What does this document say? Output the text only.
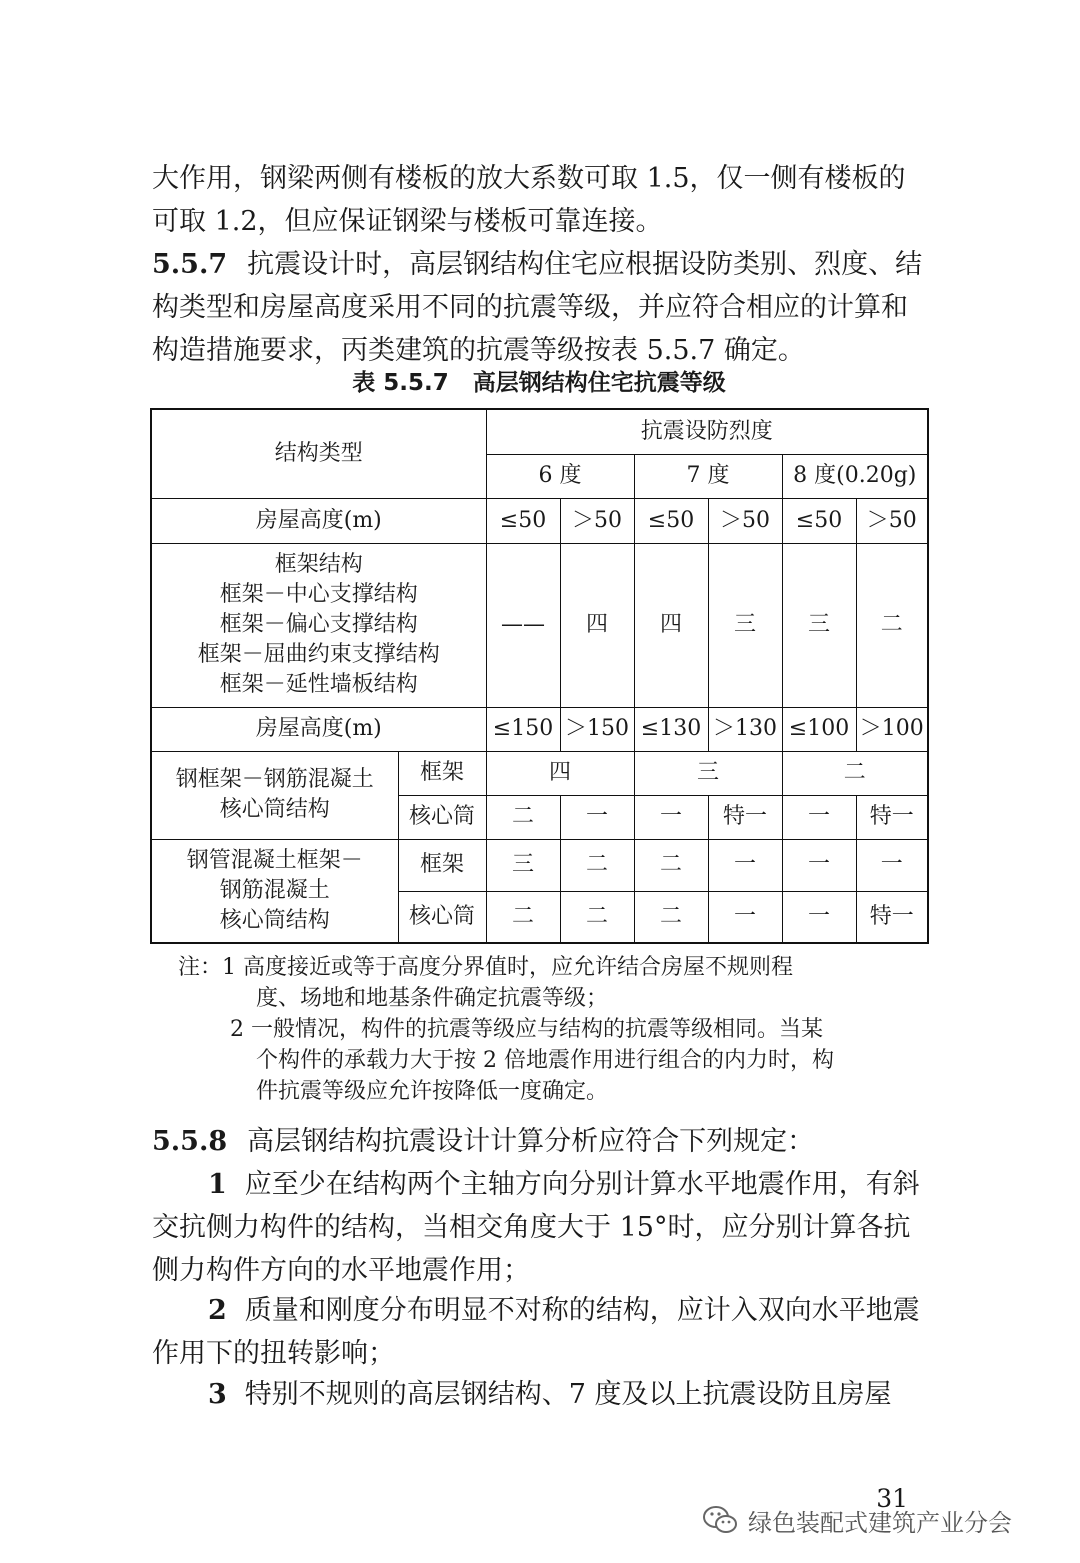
大作用，钢梁两侧有楼板的放大系数可取 1.5，仅一侧有楼板的可取 1.2，但应保证钢梁与楼板可靠连接。

5.5.7 抗震设计时，高层钢结构住宅应根据设防类别、烈度、结构类型和房屋高度采用不同的抗震等级，并应符合相应的计算和构造措施要求，丙类建筑的抗震等级按表 5.5.7 确定。

表 5.5.7 高层钢结构住宅抗震等级
结构类型		抗震设防烈度					
		6 度		7 度		8 度(0.20g)	
房屋高度(m)		≤50	＞50	≤50	＞50	≤50	＞50

框架结构
框架－中心支撑结构
框架－偏心支撑结构
框架－屈曲约束支撑结构
框架－延性墙板结构		——	四	四	三	三	二
房屋高度(m)		≤150	＞150	≤130	＞130	≤100	＞100

钢框架－钢筋混凝土
核心筒结构	框架	四		三		二	
	核心筒	二	一	一	特一	一	特一

钢管混凝土框架－
钢筋混凝土
核心筒结构	框架	三	二	二	一	一	一
	核心筒	二	二	二	一	一	特一
注：1 高度接近或等于高度分界值时，应允许结合房屋不规则程
度、场地和地基条件确定抗震等级；
2 一般情况，构件的抗震等级应与结构的抗震等级相同。当某
个构件的承载力大于按 2 倍地震作用进行组合的内力时，构
件抗震等级应允许按降低一度确定。

5.5.8 高层钢结构抗震设计计算分析应符合下列规定：

1 应至少在结构两个主轴方向分别计算水平地震作用，有斜交抗侧力构件的结构，当相交角度大于 15°时，应分别计算各抗侧力构件方向的水平地震作用；

2 质量和刚度分布明显不对称的结构，应计入双向水平地震作用下的扭转影响；

3 特别不规则的高层钢结构、7 度及以上抗震设防且房屋

31
绿色装配式建筑产业分会
